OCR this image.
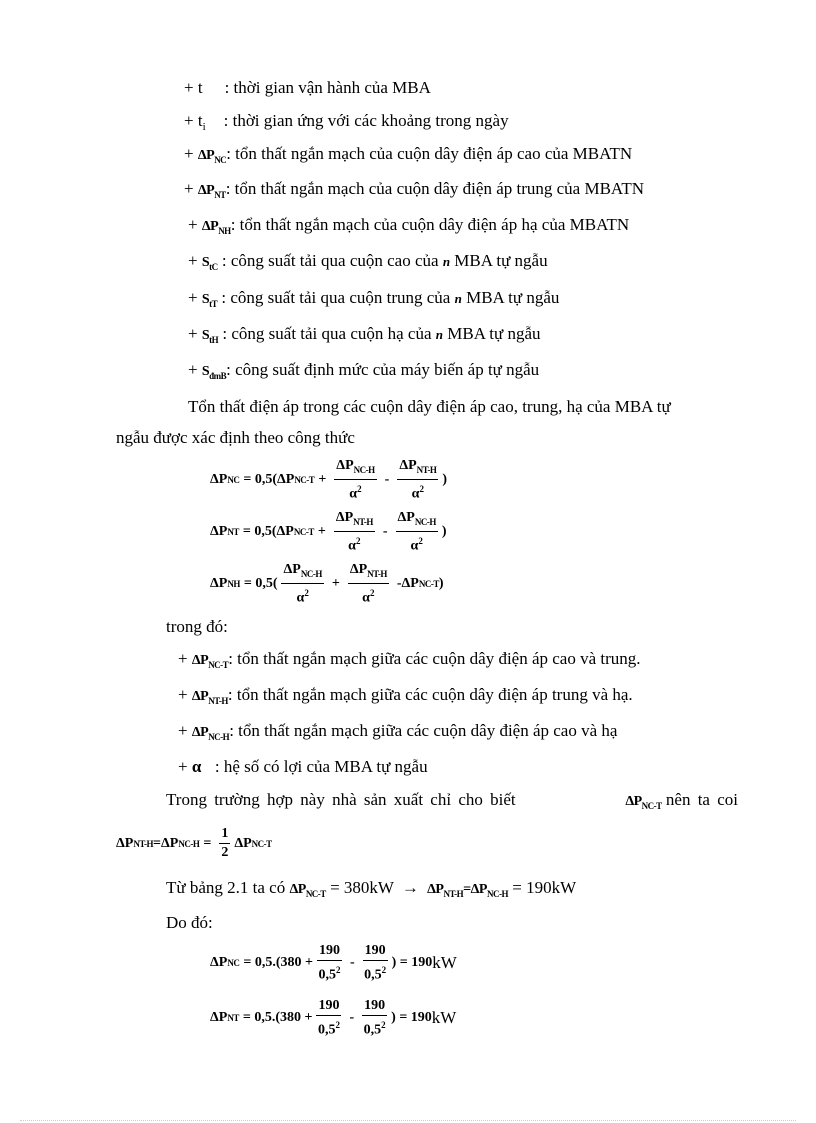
+ t : thời gian vận hành của MBA
+ $t_i$ : thời gian ứng với các khoảng trong ngày
+ $\Delta P_{NC}$: tổn thất ngắn mạch của cuộn dây điện áp cao của MBATN
+ $\Delta P_{NT}$: tổn thất ngắn mạch của cuộn dây điện áp trung của MBATN
+ $\Delta P_{NH}$: tổn thất ngắn mạch của cuộn dây điện áp hạ của MBATN
+ $S_{tC}$ : công suất tải qua cuộn cao của n MBA tự ngẫu
+ $S_{tT}$ : công suất tải qua cuộn trung của n MBA tự ngẫu
+ $S_{tH}$ : công suất tải qua cuộn hạ của n MBA tự ngẫu
+ $S_{đmB}$: công suất định mức của máy biến áp tự ngẫu
Tổn thất điện áp trong các cuộn dây điện áp cao, trung, hạ của MBA tự
ngẫu được xác định theo công thức
ΔP NC = 0,5(ΔP $NC-T + \frac{\Delta P_{NC-H}}{\alpha^2} - \frac{\Delta P_{NT-H}}{\alpha^2}$ )
ΔP NT = 0,5(ΔP $NC-T + \frac{\Delta P_{NT-H}}{\alpha^2} - \frac{\Delta P_{NC-H}}{\alpha^2}$ )
ΔP NH = $0,5( \frac{\Delta P_{NC-H}}{\alpha^2} + \frac{\Delta P_{NT-H}}{\alpha^2} -\Delta P$ NC-T )
trong đó:
+ $\Delta P_{NC-T}$: tổn thất ngắn mạch giữa các cuộn dây điện áp cao và trung.
+ $\Delta P_{NT-H}$: tổn thất ngắn mạch giữa các cuộn dây điện áp trung và hạ.
+ $\Delta P_{NC-H}$: tổn thất ngắn mạch giữa các cuộn dây điện áp cao và hạ
+ α : hệ số có lợi của MBA tự ngẫu
Trong trường hợp này nhà sản xuất chỉ cho biết	$\Delta P_{NC-T}$ nên ta coi
ΔP NT-H =ΔP $NC-H = \frac{1}{2}$ ΔP NC-T
Từ bảng 2.1 ta có $\Delta P_{NC-T} = 380kW \to \Delta P_{NT-H}=\Delta P_{NC-H} = 190kW$
Do đó:
ΔP NC = $0,5.(380 + \frac{190}{0,5^2} - \frac{190}{0,5^2}$ ) = 190 kW
ΔP NT = $0,5.(380 + \frac{190}{0,5^2} - \frac{190}{0,5^2}$ ) = 190 kW
